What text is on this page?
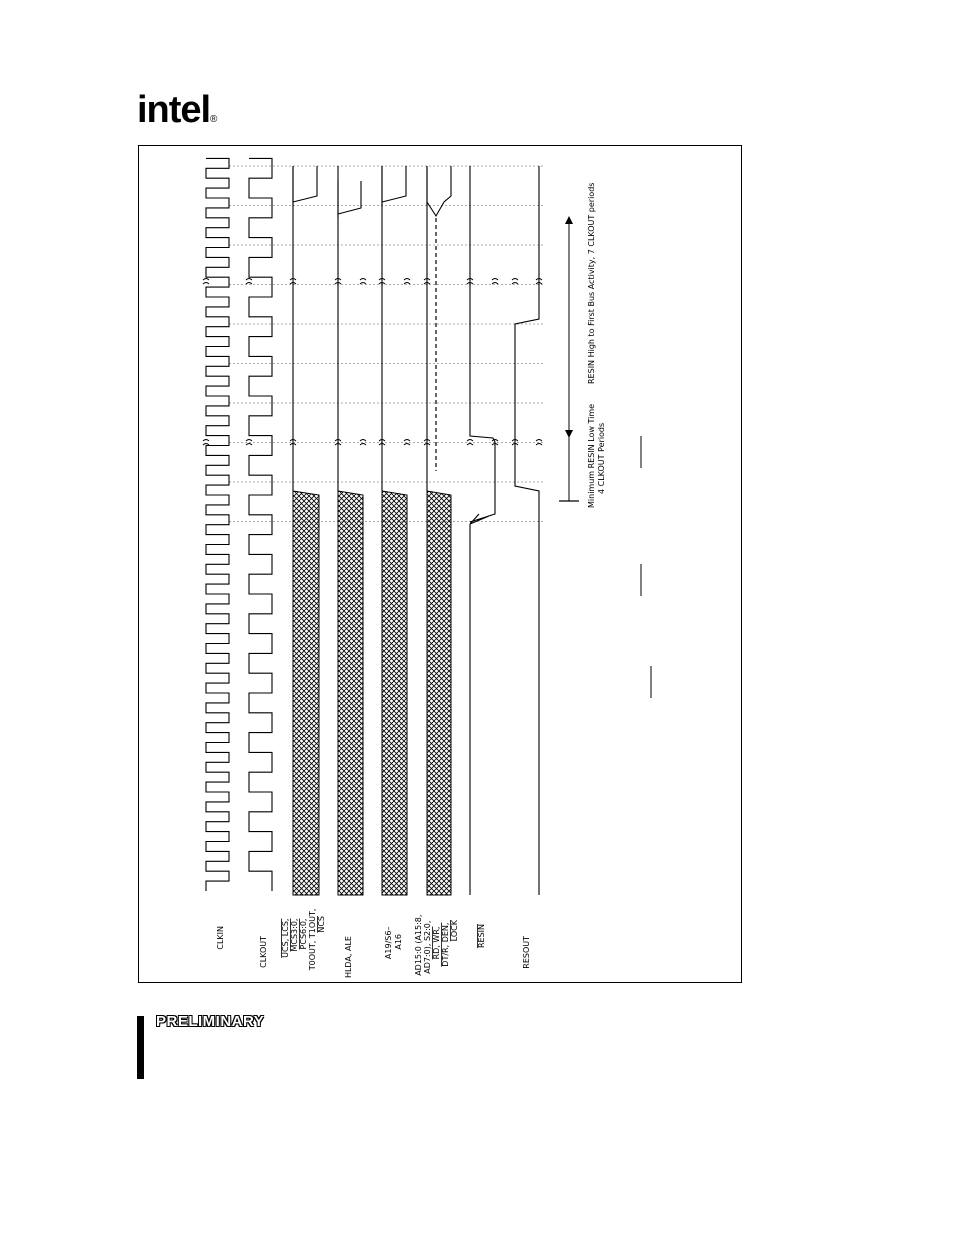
intel ®
CLKIN	CLKOUT UCS, LCS, MCS3:0, PCS6:0, T0OUT, T1OUT, NCS
HLDA, ALE	A19/S6– A16 AD15:0 (A15:8, AD7:0), S2:0, RD, WR, DT/R, DEN, LOCK RESIN	RESOUT
Minimum RESIN Low Time 4 CLKOUT Periods
RESIN High to First Bus Activity, 7 CLKOUT periods
PRELIMINARY
